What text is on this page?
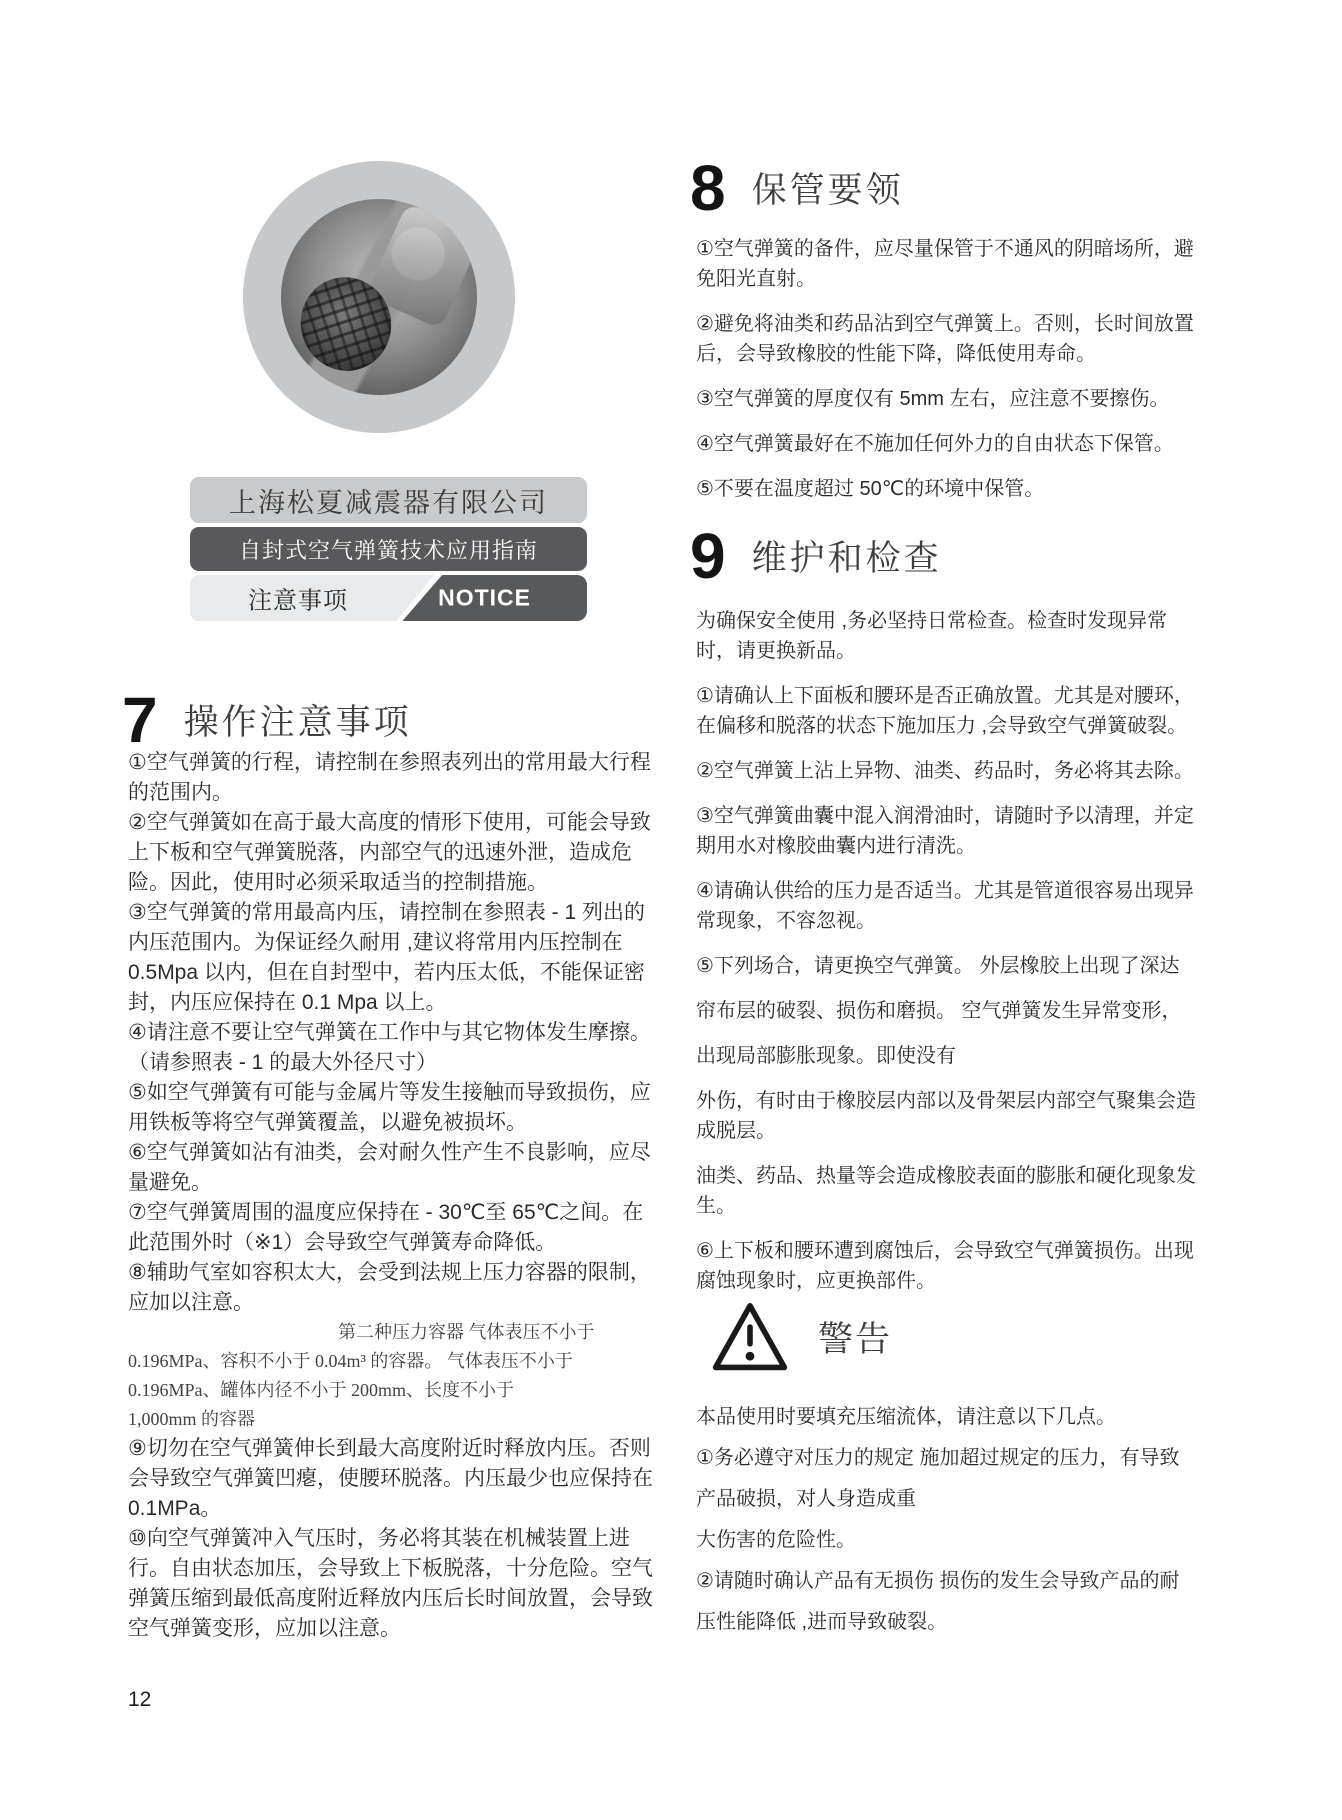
上海松夏减震器有限公司
自封式空气弹簧技术应用指南
注意事项	NOTICE
7 操作注意事项

①空气弹簧的行程，请控制在参照表列出的常用最大行程的范围内。

②空气弹簧如在高于最大高度的情形下使用，可能会导致上下板和空气弹簧脱落，内部空气的迅速外泄，造成危险。因此，使用时必须采取适当的控制措施。

③空气弹簧的常用最高内压，请控制在参照表 - 1 列出的内压范围内。为保证经久耐用 ,建议将常用内压控制在 0.5Mpa 以内，但在自封型中，若内压太低，不能保证密封，内压应保持在 0.1 Mpa 以上。

④请注意不要让空气弹簧在工作中与其它物体发生摩擦。（请参照表 - 1 的最大外径尺寸）

⑤如空气弹簧有可能与金属片等发生接触而导致损伤，应用铁板等将空气弹簧覆盖，以避免被损坏。

⑥空气弹簧如沾有油类，会对耐久性产生不良影响，应尽量避免。

⑦空气弹簧周围的温度应保持在 - 30℃至 65℃之间。在此范围外时（※1）会导致空气弹簧寿命降低。

⑧辅助气室如容积太大，会受到法规上压力容器的限制，应加以注意。

第二种压力容器 气体表压不小于

0.196MPa、容积不小于 0.04m³ 的容器。 气体表压不小于

0.196MPa、罐体内径不小于 200mm、长度不小于

1,000mm 的容器

⑨切勿在空气弹簧伸长到最大高度附近时释放内压。否则会导致空气弹簧凹瘪，使腰环脱落。内压最少也应保持在 0.1MPa。

⑩向空气弹簧冲入气压时，务必将其装在机械装置上进行。自由状态加压，会导致上下板脱落，十分危险。空气弹簧压缩到最低高度附近释放内压后长时间放置，会导致空气弹簧变形，应加以注意。

8 保管要领

①空气弹簧的备件，应尽量保管于不通风的阴暗场所，避免阳光直射。

②避免将油类和药品沾到空气弹簧上。否则，长时间放置后，会导致橡胶的性能下降，降低使用寿命。

③空气弹簧的厚度仅有 5mm 左右，应注意不要擦伤。

④空气弹簧最好在不施加任何外力的自由状态下保管。

⑤不要在温度超过 50℃的环境中保管。

9 维护和检查

为确保安全使用 ,务必坚持日常检查。检查时发现异常时，请更换新品。

①请确认上下面板和腰环是否正确放置。尤其是对腰环，在偏移和脱落的状态下施加压力 ,会导致空气弹簧破裂。

②空气弹簧上沾上异物、油类、药品时，务必将其去除。

③空气弹簧曲囊中混入润滑油时，请随时予以清理，并定期用水对橡胶曲囊内进行清洗。

④请确认供给的压力是否适当。尤其是管道很容易出现异常现象，不容忽视。

⑤下列场合，请更换空气弹簧。 外层橡胶上出现了深达

帘布层的破裂、损伤和磨损。 空气弹簧发生异常变形，

出现局部膨胀现象。即使没有

外伤，有时由于橡胶层内部以及骨架层内部空气聚集会造成脱层。

油类、药品、热量等会造成橡胶表面的膨胀和硬化现象发生。

⑥上下板和腰环遭到腐蚀后，会导致空气弹簧损伤。出现腐蚀现象时，应更换部件。

警告

本品使用时要填充压缩流体，请注意以下几点。

①务必遵守对压力的规定 施加超过规定的压力，有导致

产品破损，对人身造成重

大伤害的危险性。

②请随时确认产品有无损伤 损伤的发生会导致产品的耐

压性能降低 ,进而导致破裂。

12
